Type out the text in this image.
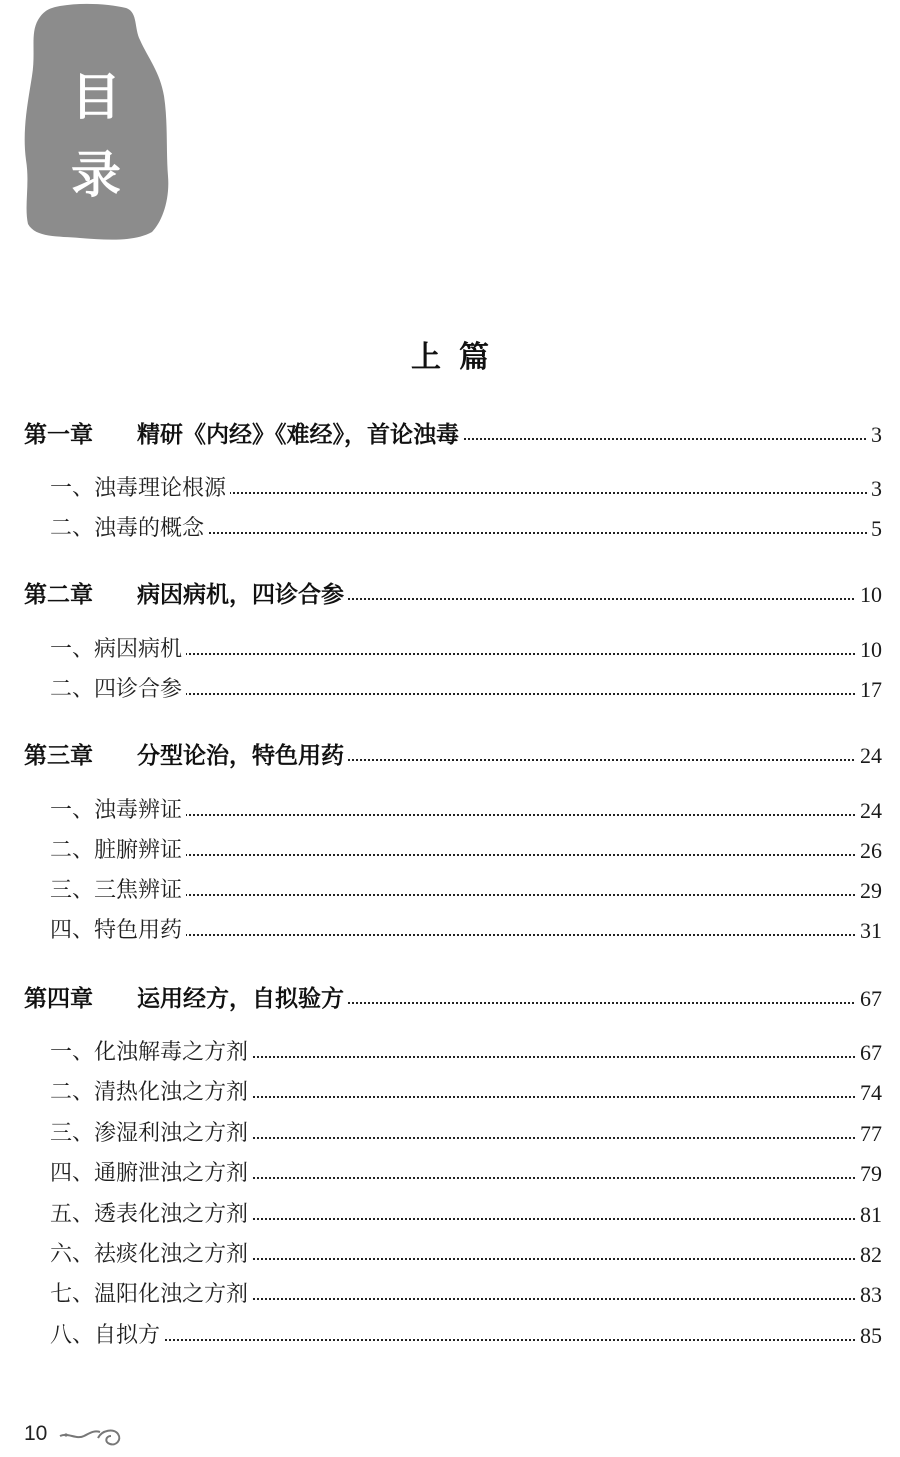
目
录
上篇
第一章 精研《内经》《难经》，首论浊毒	3
一、浊毒理论根源	3
二、浊毒的概念	5
第二章 病因病机，四诊合参	10
一、病因病机	10
二、四诊合参	17
第三章 分型论治，特色用药	24
一、浊毒辨证	24
二、脏腑辨证	26
三、三焦辨证	29
四、特色用药	31
第四章 运用经方，自拟验方	67
一、化浊解毒之方剂	67
二、清热化浊之方剂	74
三、渗湿利浊之方剂	77
四、通腑泄浊之方剂	79
五、透表化浊之方剂	81
六、祛痰化浊之方剂	82
七、温阳化浊之方剂	83
八、自拟方	85
10
